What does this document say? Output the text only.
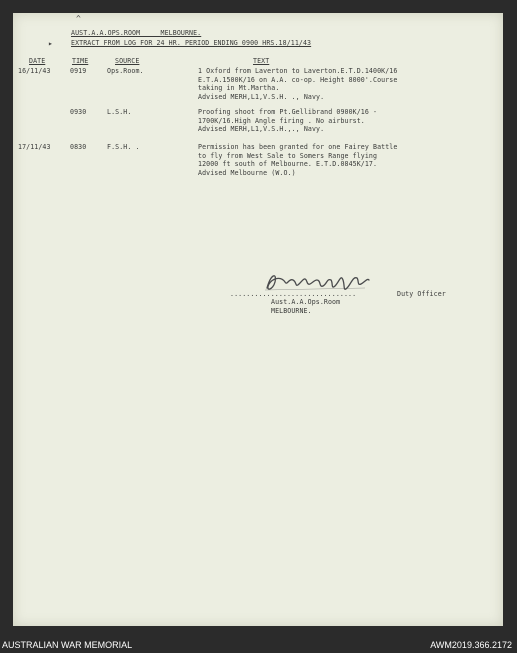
^
▸
AUST.A.A.OPS.ROOM     MELBOURNE.
EXTRACT FROM LOG FOR 24 HR. PERIOD ENDING 0900 HRS.18/11/43
DATE	TIME	SOURCE	TEXT
16/11/43	0919	Ops.Room.	1 Oxford from Laverton to Laverton.E.T.D.1400K/16
E.T.A.1500K/16 on A.A. co-op. Height 8000'.Course
taking in Mt.Martha.
Advised MERH,L1,V.S.H. ., Navy.
0930	L.S.H.	Proofing shoot from Pt.Gellibrand 0900K/16 -
1700K/16.High Angle firing . No airburst.
Advised MERH,L1,V.S.H.,., Navy.
17/11/43	0830	F.S.H. .	Permission has been granted for one Fairey Battle
to fly from West Sale to Somers Range flying
12000 ft south of Melbourne. E.T.D.0845K/17.
Advised Melbourne (W.O.)
...............................	Duty Officer
Aust.A.A.Ops.Room
MELBOURNE.
AUSTRALIAN WAR MEMORIAL	AWM2019.366.2172
